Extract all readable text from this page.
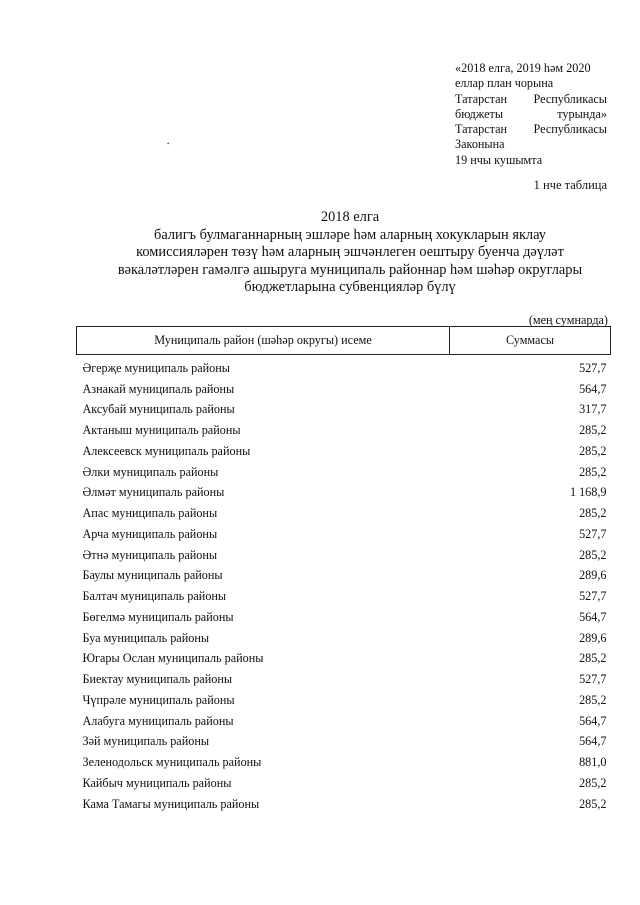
«2018 елга, 2019 һәм 2020
еллар план чорына
Татарстан Республикасы
бюджеты	турында»
Татарстан Республикасы
Законына
19 нчы кушымта
•
1 нче таблица
2018 елга
балигъ булмаганнарның эшләре һәм аларның хокукларын яклау
комиссияләрен төзү һәм аларның эшчәнлеген оештыру буенча дәүләт
вәкаләтләрен гамәлгә ашыруга муниципаль районнар һәм шәһәр округлары
бюджетларына субвенцияләр бүлү
(мең сумнарда)
Муниципаль район (шәһәр округы) исеме	Суммасы
Әгерҗе муниципаль районы	527,7
Азнакай муниципаль районы	564,7
Аксубай муниципаль районы	317,7
Актаныш муниципаль районы	285,2
Алексеевск муниципаль районы	285,2
Әлки муниципаль районы	285,2
Әлмәт муниципаль районы	1 168,9
Апас муниципаль районы	285,2
Арча муниципаль районы	527,7
Әтнә муниципаль районы	285,2
Баулы муниципаль районы	289,6
Балтач муниципаль районы	527,7
Бөгелмә муниципаль районы	564,7
Буа муниципаль районы	289,6
Югары Ослан муниципаль районы	285,2
Биектау муниципаль районы	527,7
Чүпрәле муниципаль районы	285,2
Алабуга муниципаль районы	564,7
Зәй муниципаль районы	564,7
Зеленодольск муниципаль районы	881,0
Кайбыч муниципаль районы	285,2
Кама Тамагы муниципаль районы	285,2
